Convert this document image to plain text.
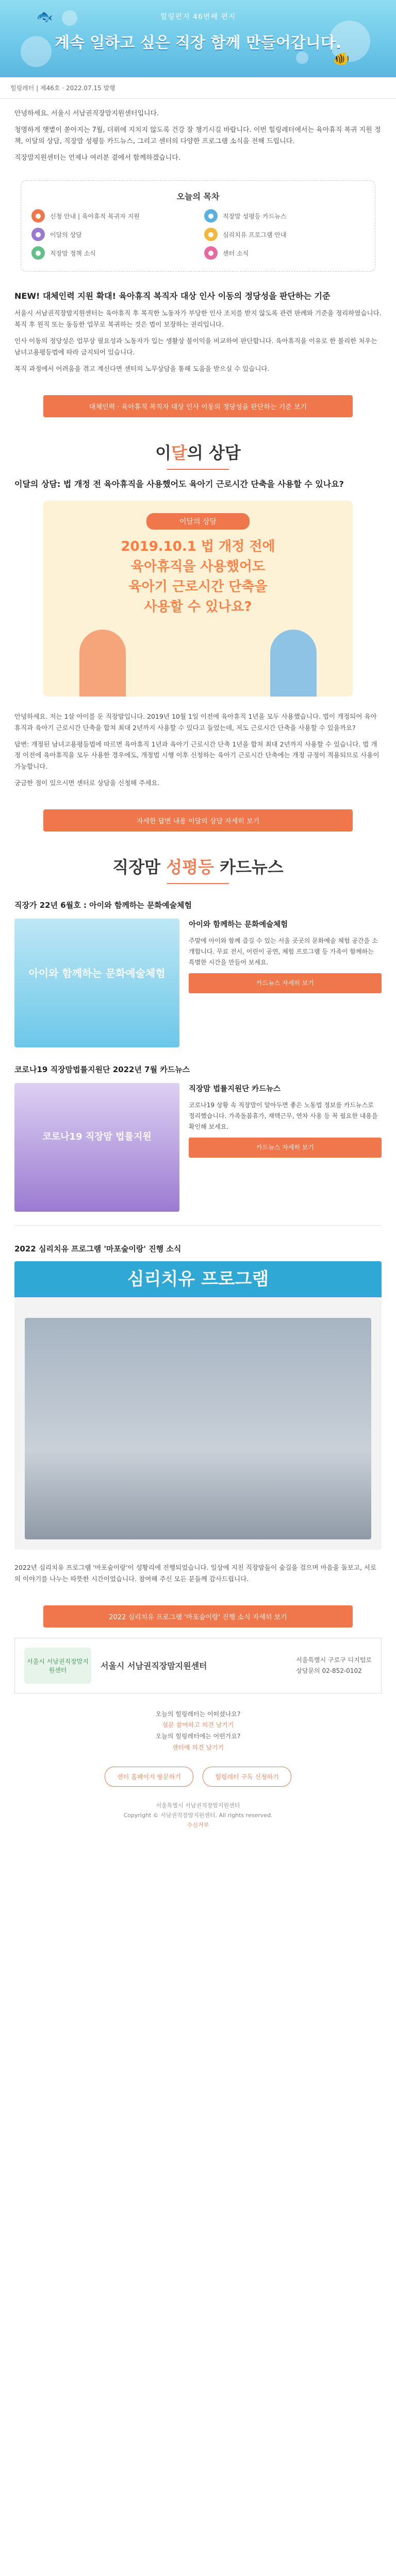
🐟
🐠
힐링편지 46번째 편지
계속 일하고 싶은 직장 함께 만들어갑니다.
힐링레터 | 제46호 · 2022.07.15 발행

안녕하세요. 서울시 서남권직장맘지원센터입니다.

청명하게 햇볕이 쏟아지는 7월, 더위에 지치지 않도록 건강 잘 챙기시길 바랍니다. 이번 힐링레터에서는 육아휴직 복귀 지원 정책, 이달의 상담, 직장맘 성평등 카드뉴스, 그리고 센터의 다양한 프로그램 소식을 전해 드립니다.

직장맘지원센터는 언제나 여러분 곁에서 함께하겠습니다.

오늘의 목차
●	신청 안내 | 육아휴직 복귀자 지원	●	직장맘 성평등 카드뉴스
●	이달의 상담	●	심리치유 프로그램 안내
●	직장맘 정책 소식	●	센터 소식
NEW! 대체인력 지원 확대! 육아휴직 복직자 대상 인사 이동의 정당성을 판단하는 기준

서울시 서남권직장맘지원센터는 육아휴직 후 복직한 노동자가 부당한 인사 조치를 받지 않도록 관련 판례와 기준을 정리하였습니다. 복직 후 원직 또는 동등한 업무로 복귀하는 것은 법이 보장하는 권리입니다.

인사 이동의 정당성은 업무상 필요성과 노동자가 입는 생활상 불이익을 비교하여 판단합니다. 육아휴직을 이유로 한 불리한 처우는 남녀고용평등법에 따라 금지되어 있습니다.

복직 과정에서 어려움을 겪고 계신다면 센터의 노무상담을 통해 도움을 받으실 수 있습니다.

대체인력 · 육아휴직 복직자 대상 인사 이동의 정당성을 판단하는 기준 보기
이달의 상담
이달의 상담: 법 개정 전 육아휴직을 사용했어도 육아기 근로시간 단축을 사용할 수 있나요?
이달의 상담
2019.10.1 법 개정 전에
육아휴직을 사용했어도
육아기 근로시간 단축을
사용할 수 있나요?

안녕하세요. 저는 1살 아이를 둔 직장맘입니다. 2019년 10월 1일 이전에 육아휴직 1년을 모두 사용했습니다. 법이 개정되어 육아휴직과 육아기 근로시간 단축을 합쳐 최대 2년까지 사용할 수 있다고 들었는데, 저도 근로시간 단축을 사용할 수 있을까요?

답변: 개정된 남녀고용평등법에 따르면 육아휴직 1년과 육아기 근로시간 단축 1년을 합쳐 최대 2년까지 사용할 수 있습니다. 법 개정 이전에 육아휴직을 모두 사용한 경우에도, 개정법 시행 이후 신청하는 육아기 근로시간 단축에는 개정 규정이 적용되므로 사용이 가능합니다.

궁금한 점이 있으시면 센터로 상담을 신청해 주세요.

자세한 답변 내용 이달의 상담 자세히 보기
직장맘 성평등 카드뉴스
직장가 22년 6월호 : 아이와 함께하는 문화예술체험
아이와 함께하는 문화예술체험
아이와 함께하는 문화예술체험
주말에 아이와 함께 즐길 수 있는 서울 곳곳의 문화예술 체험 공간을 소개합니다. 무료 전시, 어린이 공연, 체험 프로그램 등 가족이 함께하는 특별한 시간을 만들어 보세요.
카드뉴스 자세히 보기
코로나19 직장맘법률지원단 2022년 7월 카드뉴스
코로나19 직장맘 법률지원
직장맘 법률지원단 카드뉴스
코로나19 상황 속 직장맘이 알아두면 좋은 노동법 정보를 카드뉴스로 정리했습니다. 가족돌봄휴가, 재택근무, 연차 사용 등 꼭 필요한 내용을 확인해 보세요.
카드뉴스 자세히 보기
2022 심리치유 프로그램 '마포숲이랑' 진행 소식
심리치유 프로그램

2022년 심리치유 프로그램 '마포숲이랑'이 성황리에 진행되었습니다. 일상에 지친 직장맘들이 숲길을 걸으며 마음을 돌보고, 서로의 이야기를 나누는 따뜻한 시간이었습니다. 참여해 주신 모든 분들께 감사드립니다.

2022 심리치유 프로그램 '마포숲이랑' 진행 소식 자세히 보기
서울시 서남권직장맘지원센터	서울시 서남권직장맘지원센터
서울특별시 구로구 디지털로
상담문의 02-852-0102
오늘의 힐링레터는 어떠셨나요?
설문 참여하고 의견 남기기
오늘의 힐링레터에는 어떤가요?
센터에 의견 남기기
센터 홈페이지 방문하기	힐링레터 구독 신청하기
서울특별시 서남권직장맘지원센터
Copyright © 서남권직장맘지원센터. All rights reserved.
수신거부
